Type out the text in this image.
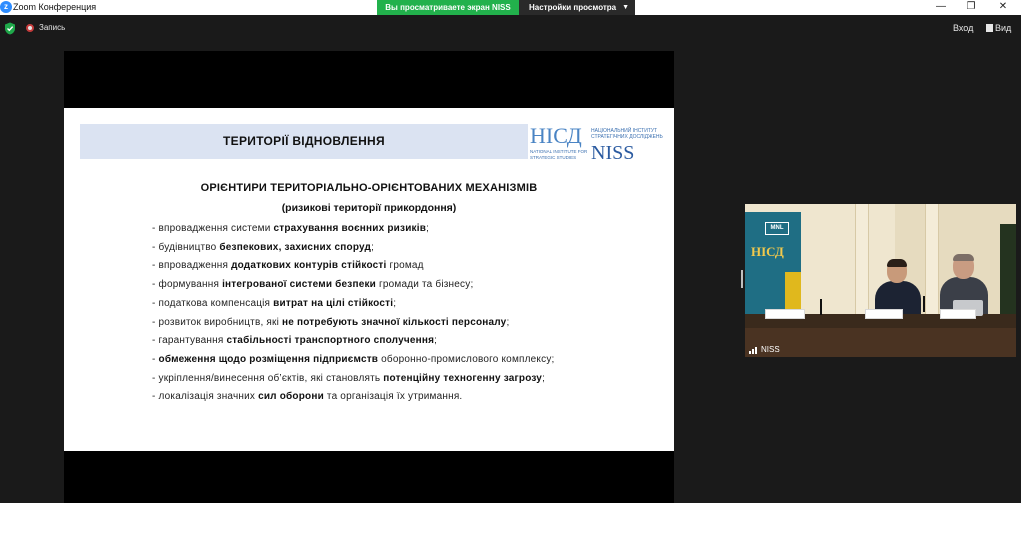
z Zoom Конференция	Вы просматриваете экран NISS	Настройки просмотра ▼	—	❐	✕
Запись	Вход	Вид
ТЕРИТОРІЇ ВІДНОВЛЕННЯ	НІСД НАЦІОНАЛЬНИЙ ІНСТИТУТ СТРАТЕГІЧНИХ ДОСЛІДЖЕНЬ
NATIONAL INSTITUTE FOR STRATEGIC STUDIES NISS
ОРІЄНТИРИ ТЕРИТОРІАЛЬНО-ОРІЄНТОВАНИХ МЕХАНІЗМІВ
(ризикові території прикордоння)
- впровадження системи страхування воєнних ризиків;
- будівництво безпекових, захисних споруд;
- впровадження додаткових контурів стійкості громад
- формування інтегрованої системи безпеки громади та бізнесу;
- податкова компенсація витрат на цілі стійкості;
- розвиток виробництв, які не потребують значної кількості персоналу;
- гарантування стабільності транспортного сполучення;
- обмеження щодо розміщення підприємств оборонно-промислового комплексу;
- укріплення/винесення об’єктів, які становлять потенційну техногенну загрозу;
- локалізація значних сил оборони та організація їх утримання.
MNL
НІСД
NISS
